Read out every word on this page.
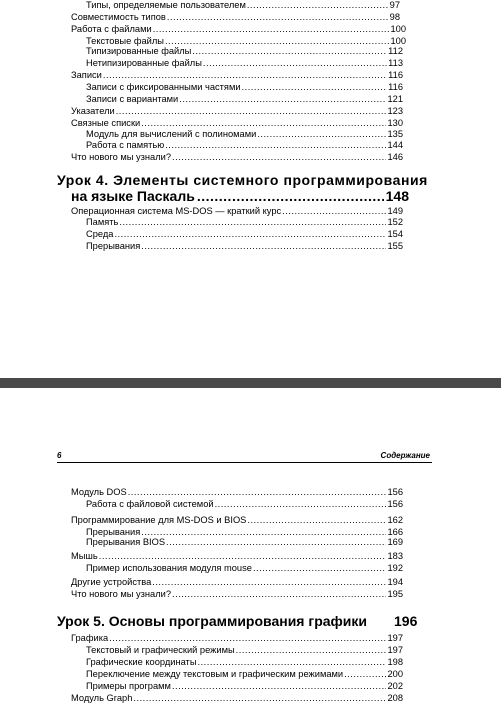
Типы, определяемые пользователем .....	97
Совместимость типов .....	98
Работа с файлами .....	100
Текстовые файлы .....	100
Типизированные файлы .....	112
Нетипизированные файлы .....	113
Записи .....	116
Записи с фиксированными частями .....	116
Записи с вариантами .....	121
Указатели .....	123
Связные списки .....	130
Модуль для вычислений с полиномами .....	135
Работа с памятью .....	144
Что нового мы узнали? .....	146
Урок 4. Элементы системного программирования
на языке Паскаль .....	148
Операционная система MS-DOS — краткий курс .....	149
Память .....	152
Среда .....	154
Прерывания .....	155
6	Содержание
Модуль DOS .....	156
Работа с файловой системой .....	156
Программирование для MS-DOS и BIOS .....	162
Прерывания .....	166
Прерывания BIOS .....	169
Мышь .....	183
Пример использования модуля mouse .....	192
Другие устройства .....	194
Что нового мы узнали? .....	195
Урок 5. Основы программирования графики	196
Графика .....	197
Текстовый и графический режимы .....	197
Графические координаты .....	198
Переключение между текстовым и графическим режимами .....	200
Примеры программ .....	202
Модуль Graph .....	208
